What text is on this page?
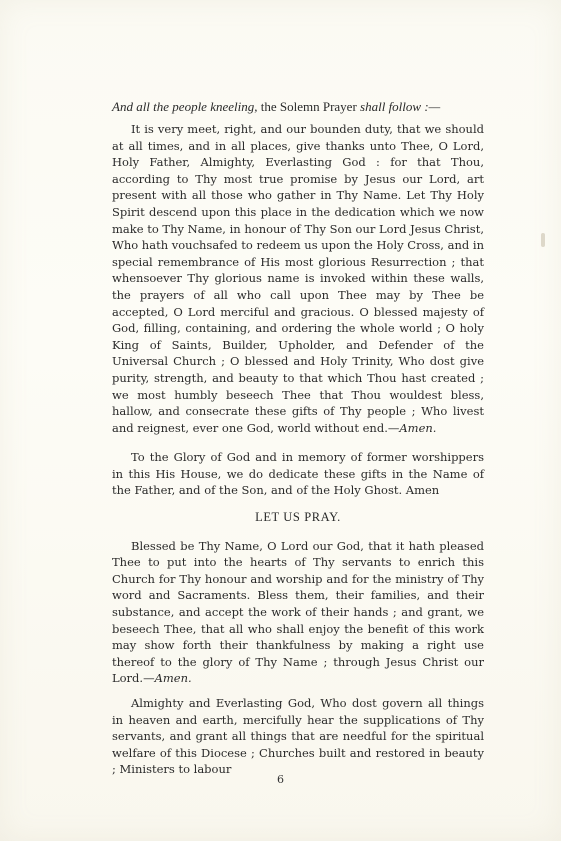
And all the people kneeling, the Solemn Prayer shall follow :—

It is very meet, right, and our bounden duty, that we should at all times, and in all places, give thanks unto Thee, O Lord, Holy Father, Almighty, Everlasting God : for that Thou, according to Thy most true promise by Jesus our Lord, art present with all those who gather in Thy Name. Let Thy Holy Spirit descend upon this place in the dedication which we now make to Thy Name, in honour of Thy Son our Lord Jesus Christ, Who hath vouchsafed to redeem us upon the Holy Cross, and in special remembrance of His most glorious Resurrection ; that whensoever Thy glorious name is invoked within these walls, the prayers of all who call upon Thee may by Thee be accepted, O Lord merciful and gracious. O blessed majesty of God, filling, containing, and ordering the whole world ; O holy King of Saints, Builder, Upholder, and Defender of the Universal Church ; O blessed and Holy Trinity, Who dost give purity, strength, and beauty to that which Thou hast created ; we most humbly beseech Thee that Thou wouldest bless, hallow, and consecrate these gifts of Thy people ; Who livest and reignest, ever one God, world without end.—Amen.

To the Glory of God and in memory of former worshippers in this His House, we do dedicate these gifts in the Name of the Father, and of the Son, and of the Holy Ghost. Amen

LET US PRAY.

Blessed be Thy Name, O Lord our God, that it hath pleased Thee to put into the hearts of Thy servants to enrich this Church for Thy honour and worship and for the ministry of Thy word and Sacraments. Bless them, their families, and their substance, and accept the work of their hands ; and grant, we beseech Thee, that all who shall enjoy the benefit of this work may show forth their thankfulness by making a right use thereof to the glory of Thy Name ; through Jesus Christ our Lord.—Amen.

Almighty and Everlasting God, Who dost govern all things in heaven and earth, mercifully hear the supplications of Thy servants, and grant all things that are needful for the spiritual welfare of this Diocese ; Churches built and restored in beauty ; Ministers to labour

6
